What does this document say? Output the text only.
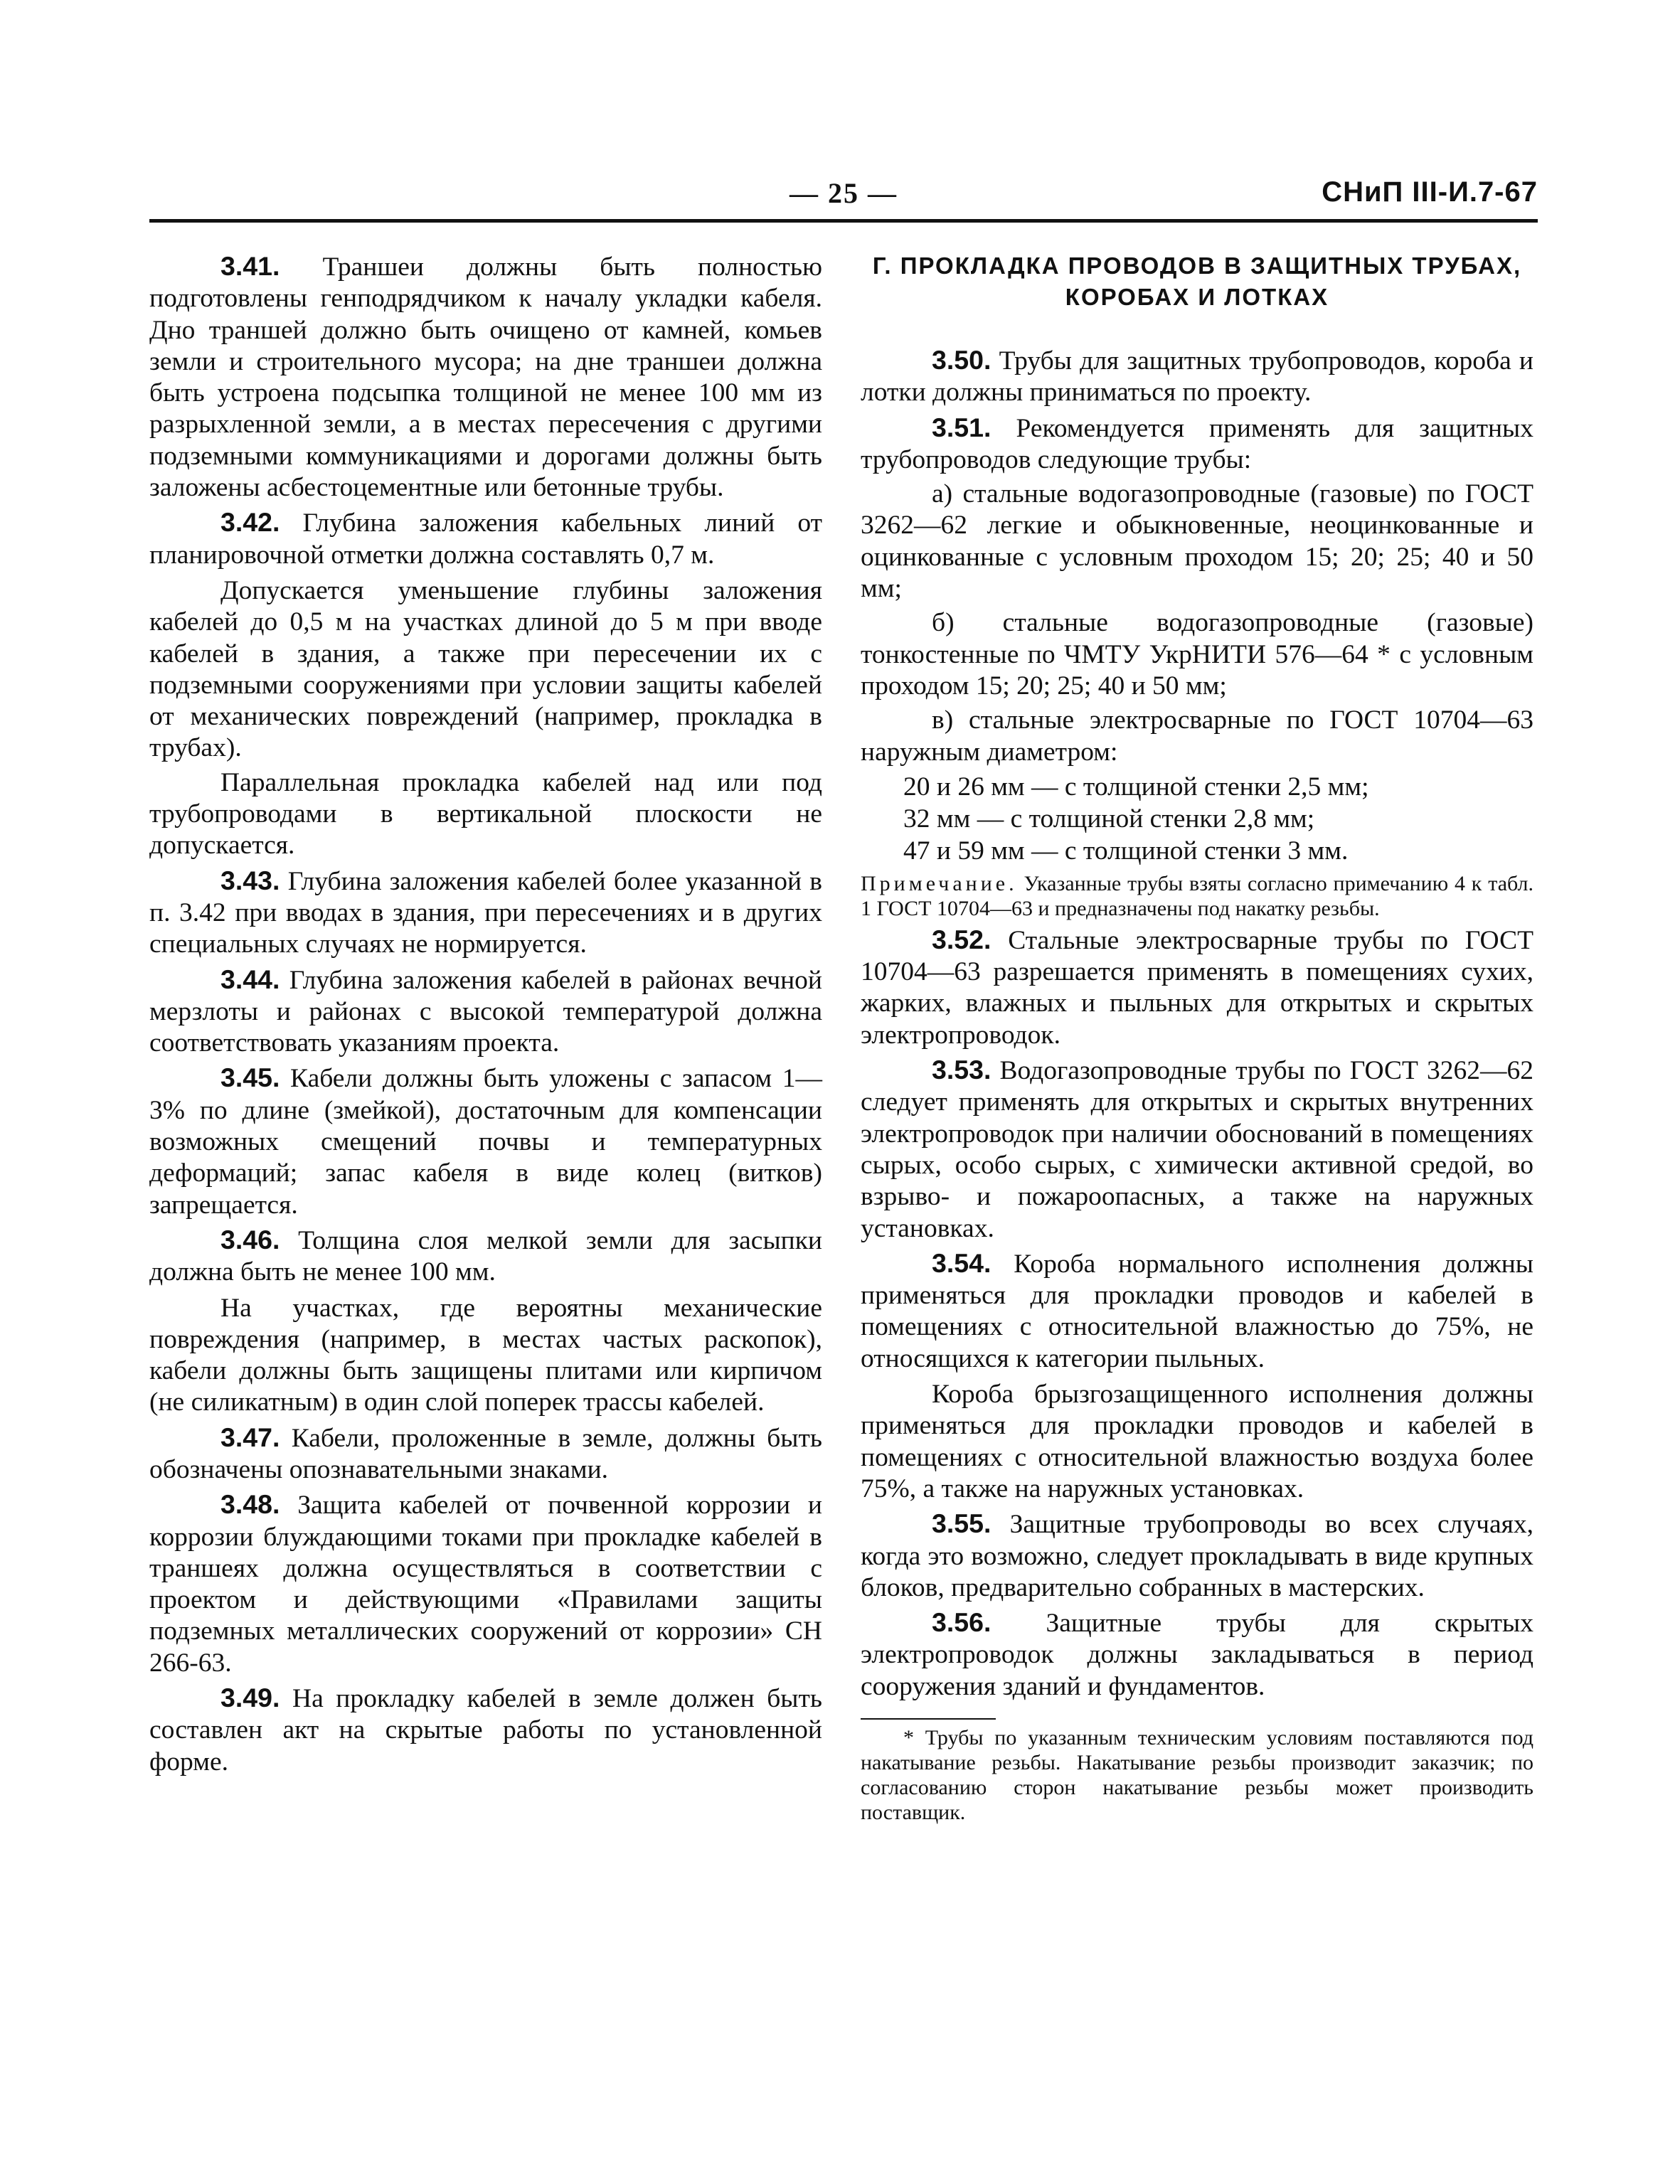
— 25 —	СНиП III-И.7-67

3.41. Траншеи должны быть полностью подготовлены генподрядчиком к началу укладки кабеля. Дно траншей должно быть очищено от камней, комьев земли и строительного мусора; на дне траншеи должна быть устроена подсыпка толщиной не менее 100 мм из разрыхленной земли, а в местах пересечения с другими подземными коммуникациями и дорогами должны быть заложены асбестоцементные или бетонные трубы.

3.42. Глубина заложения кабельных линий от планировочной отметки должна составлять 0,7 м.

Допускается уменьшение глубины заложения кабелей до 0,5 м на участках длиной до 5 м при вводе кабелей в здания, а также при пересечении их с подземными сооружениями при условии защиты кабелей от механических повреждений (например, прокладка в трубах).

Параллельная прокладка кабелей над или под трубопроводами в вертикальной плоскости не допускается.

3.43. Глубина заложения кабелей более указанной в п. 3.42 при вводах в здания, при пересечениях и в других специальных случаях не нормируется.

3.44. Глубина заложения кабелей в районах вечной мерзлоты и районах с высокой температурой должна соответствовать указаниям проекта.

3.45. Кабели должны быть уложены с запасом 1—3% по длине (змейкой), достаточным для компенсации возможных смещений почвы и температурных деформаций; запас кабеля в виде колец (витков) запрещается.

3.46. Толщина слоя мелкой земли для засыпки должна быть не менее 100 мм.

На участках, где вероятны механические повреждения (например, в местах частых раскопок), кабели должны быть защищены плитами или кирпичом (не силикатным) в один слой поперек трассы кабелей.

3.47. Кабели, проложенные в земле, должны быть обозначены опознавательными знаками.

3.48. Защита кабелей от почвенной коррозии и коррозии блуждающими токами при прокладке кабелей в траншеях должна осуществляться в соответствии с проектом и действующими «Правилами защиты подземных металлических сооружений от коррозии» СН 266-63.

3.49. На прокладку кабелей в земле должен быть составлен акт на скрытые работы по установленной форме.

Г. ПРОКЛАДКА ПРОВОДОВ В ЗАЩИТНЫХ ТРУБАХ, КОРОБАХ И ЛОТКАХ

3.50. Трубы для защитных трубопроводов, короба и лотки должны приниматься по проекту.

3.51. Рекомендуется применять для защитных трубопроводов следующие трубы:

а) стальные водогазопроводные (газовые) по ГОСТ 3262—62 легкие и обыкновенные, неоцинкованные и оцинкованные с условным проходом 15; 20; 25; 40 и 50 мм;

б) стальные водогазопроводные (газовые) тонкостенные по ЧМТУ УкрНИТИ 576—64 * с условным проходом 15; 20; 25; 40 и 50 мм;

в) стальные электросварные по ГОСТ 10704—63 наружным диаметром:

20 и 26 мм — с толщиной стенки 2,5 мм;
32 мм — с толщиной стенки 2,8 мм;
47 и 59 мм — с толщиной стенки 3 мм.

Примечание. Указанные трубы взяты согласно примечанию 4 к табл. 1 ГОСТ 10704—63 и предназначены под накатку резьбы.

3.52. Стальные электросварные трубы по ГОСТ 10704—63 разрешается применять в помещениях сухих, жарких, влажных и пыльных для открытых и скрытых электропроводок.

3.53. Водогазопроводные трубы по ГОСТ 3262—62 следует применять для открытых и скрытых внутренних электропроводок при наличии обоснований в помещениях сырых, особо сырых, с химически активной средой, во взрыво- и пожароопасных, а также на наружных установках.

3.54. Короба нормального исполнения должны применяться для прокладки проводов и кабелей в помещениях с относительной влажностью до 75%, не относящихся к категории пыльных.

Короба брызгозащищенного исполнения должны применяться для прокладки проводов и кабелей в помещениях с относительной влажностью воздуха более 75%, а также на наружных установках.

3.55. Защитные трубопроводы во всех случаях, когда это возможно, следует прокладывать в виде крупных блоков, предварительно собранных в мастерских.

3.56. Защитные трубы для скрытых электропроводок должны закладываться в период сооружения зданий и фундаментов.

* Трубы по указанным техническим условиям поставляются под накатывание резьбы. Накатывание резьбы производит заказчик; по согласованию сторон накатывание резьбы может производить поставщик.
